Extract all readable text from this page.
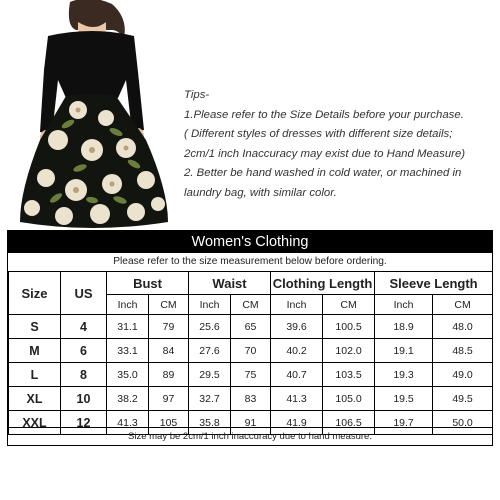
Tips-
1.Please refer to the Size Details before your purchase.
( Different styles of dresses with different size details;
2cm/1 inch Inaccuracy may exist due to Hand Measure)
2. Better be hand washed in cold water, or machined in
laundry bag, with similar color.
Women's Clothing
Please refer to the size measurement below before ordering.
Size	US	Bust		Waist		Clothing Length		Sleeve Length	
		Inch	CM	Inch	CM	Inch	CM	Inch	CM
S	4	31.1	79	25.6	65	39.6	100.5	18.9	48.0
M	6	33.1	84	27.6	70	40.2	102.0	19.1	48.5
L	8	35.0	89	29.5	75	40.7	103.5	19.3	49.0
XL	10	38.2	97	32.7	83	41.3	105.0	19.5	49.5
XXL	12	41.3	105	35.8	91	41.9	106.5	19.7	50.0
Size may be 2cm/1 inch inaccuracy due to hand measure.
